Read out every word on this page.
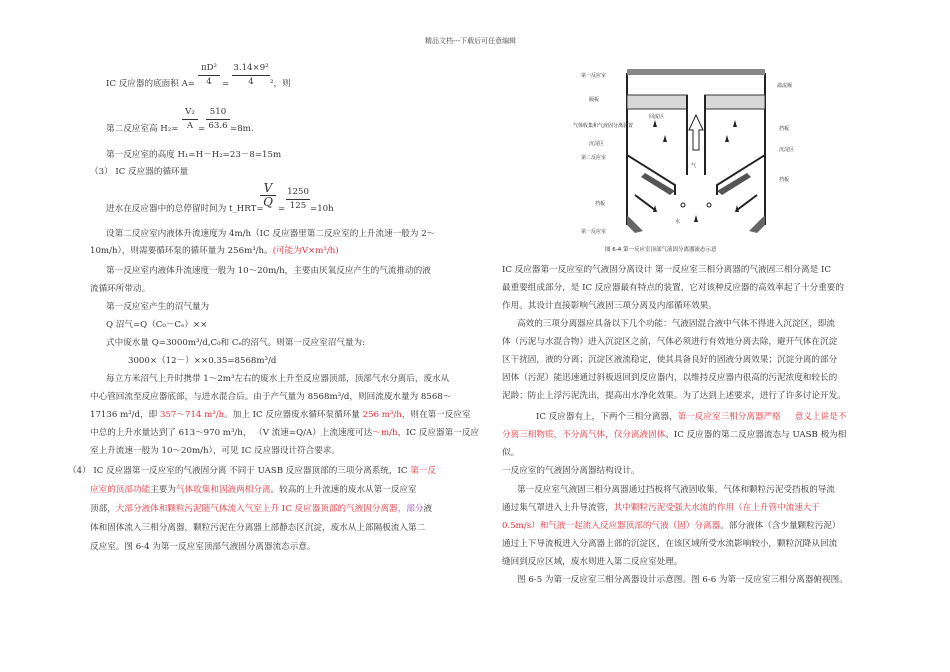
精品文档---下载后可任意编辑
IC 反应器的底面积 A=
πD²
4	=
3.14×9²
4	²，则
第二反应室高 H₂=
V₂
A =
510
63.6 =8m.
第一反应室的高度 H₁=H－H₂=23－8=15m
（3） IC 反应器的循环量
进水在反应器中的总停留时间为 t_HRT=
V
Q =
1250
125 =10h
设第二反应室内液体升流速度为 4m/h（IC 反应器里第二反应室的上升流速一般为 2～
10m/h），则需要循环泵的循环量为 256m³/h。(可能为V×m³/h)
第一反应室内液体升流速度一般为 10～20m/h，主要由厌氧反应产生的气流推动的液
流循环所带动。
第一反应室产生的沼气量为
Q 沼气=Q（C₀－Cₑ）××
式中废水量 Q=3000m³/d,C₀和 Cₑ的沼气。则第一反应室沼气量为:
3000×（12－）××0.35=8568m³/d
每立方米沼气上升时携带 1～2m³左右的废水上升至反应器顶部，顶部气水分离后，废水从
中心管回流至反应器底部，与进水混合后。由于产气量为 8568m³/d，则回流废水量为 8568～
17136 m³/d，即 357～714 m³/h。加上 IC 反应器废水循环泵循环量 256 m³/h，则在第一反应室
中总的上升水量达到了 613～970 m³/h， （V 流速=Q/A）上流速度可达～m/h，IC 反应器第一反应
室上升流速一般为 10～20m/h），可见 IC 反应器设计符合要求。
（4） IC 反应器第一反应室的气液固分离 不同于 UASB 反应器顶部的三项分离系统，IC 第一反
应室的顶部功能主要为气体收集和固液两相分离。较高的上升流速的废水从第一反应室
顶部，大部分液体和颗粒污泥随气体流入气室上升 IC 反应器顶部的气液固分离器，部分液
体和固体流入三相分离器，颗粒污泥在分离器上部静态区沉淀，废水从上部隔板流入第二
反应室。图 6-4 为第一反应室顶部气液固分离器流态示意。
第一反应室
隔板
气体收集和气液固分离装置
沉淀区
第二反应室
挡板
第一反应室
溢流堰
挡板
沉淀区
挡板
回流区
气
水
图 6-4 第一反应室顶部气液固分离器流态示意
IC 反应器第一反应室的气液固分离设计 第一反应室三相分离器的气液固三相分离是 IC
最重要组成部分，是 IC 反应器最有特点的装置，它对该种反应器的高效率起了十分重要的
作用。其设计直接影响气液固三项分离及内部循环效果。
高效的三项分离器应具备以下几个功能：气液固混合液中气体不得进入沉淀区，即流
体（污泥与水混合物）进入沉淀区之前，气体必须进行有效地分离去除，避开气体在沉淀
区干扰固，液的分离；沉淀区液流稳定，使其具备良好的固液分离效果；沉淀分离的部分
固体（污泥）能迅速通过斜板返回到反应器内，以维持反应器内很高的污泥浓度和较长的
泥龄；防止上浮污泥洗出，提高出水净化效果。为了达到上述要求，进行了许多讨论开发。
IC 反应器有上，下两个三相分离器，第一反应室三相分离器严格 意义上讲是不
分离三相物质，不分离气体，仅分离液固体。IC 反应器的第二反应器流态与 UASB 极为相
似。
一反应室的气液固分离器结构设计。
第一反应室气液固三相分离器通过挡板将气液固收集，气体和颗粒污泥受挡板的导流
通过集气罩进入上升导流管，其中颗粒污泥受强大水流的作用（在上升管中流速大于
0.5m/s）和气液一起流入反应器顶部的气液（固）分离器。部分液体（含少量颗粒污泥）
通过上下导流板进入分离器上部的沉淀区，在该区域所受水流影响较小，颗粒沉降从回流
缝回到反应区域，废水则进入第二反应室处理。
图 6-5 为第一反应室三相分离器设计示意图。图 6-6 为第一反应室三相分离器俯视图。
